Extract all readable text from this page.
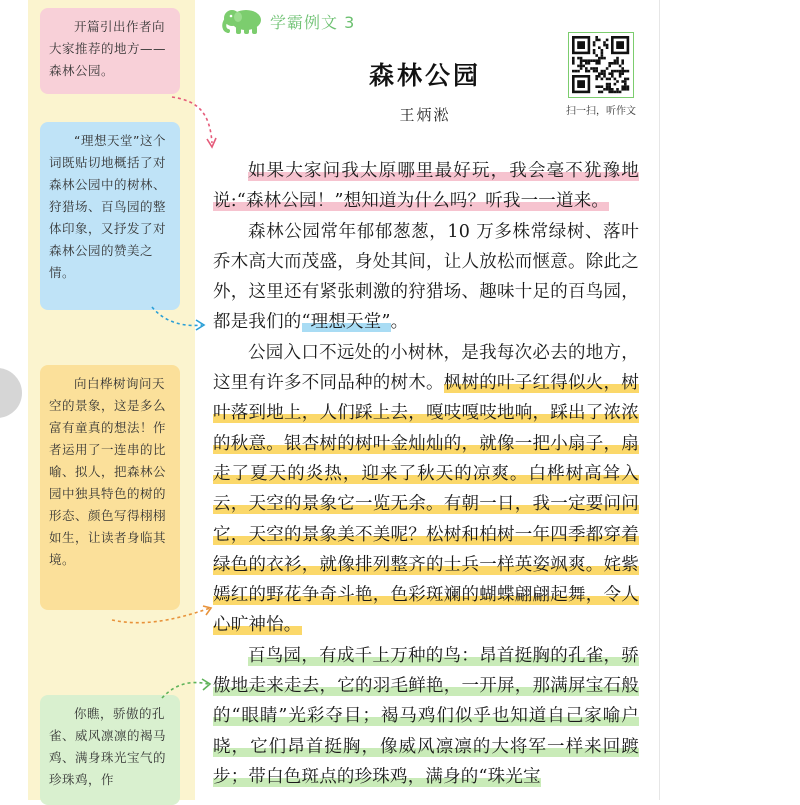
开篇引出作者向大家推荐的地方——森林公园。
“理想天堂”这个词既贴切地概括了对森林公园中的树林、狩猎场、百鸟园的整体印象，又抒发了对森林公园的赞美之情。
向白桦树询问天空的景象，这是多么富有童真的想法！作者运用了一连串的比喻、拟人，把森林公园中独具特色的树的形态、颜色写得栩栩如生，让读者身临其境。
你瞧，骄傲的孔雀、威风凛凛的褐马鸡、满身珠光宝气的珍珠鸡，作
学霸例文 3
森林公园
王炳淞	扫一扫，听作文

如果大家问我太原哪里最好玩，我会毫不犹豫地说:“森林公园！”想知道为什么吗？听我一一道来。

森林公园常年郁郁葱葱，10 万多株常绿树、落叶乔木高大而茂盛，身处其间，让人放松而惬意。除此之外，这里还有紧张刺激的狩猎场、趣味十足的百鸟园，都是我们的“理想天堂”。

公园入口不远处的小树林，是我每次必去的地方，这里有许多不同品种的树木。枫树的叶子红得似火，树叶落到地上，人们踩上去，嘎吱嘎吱地响，踩出了浓浓的秋意。银杏树的树叶金灿灿的，就像一把小扇子，扇走了夏天的炎热，迎来了秋天的凉爽。白桦树高耸入云，天空的景象它一览无余。有朝一日，我一定要问问它，天空的景象美不美呢？松树和柏树一年四季都穿着绿色的衣衫，就像排列整齐的士兵一样英姿飒爽。姹紫嫣红的野花争奇斗艳，色彩斑斓的蝴蝶翩翩起舞，令人心旷神怡。

百鸟园，有成千上万种的鸟：昂首挺胸的孔雀，骄傲地走来走去，它的羽毛鲜艳，一开屏，那满屏宝石般的“眼睛”光彩夺目；褐马鸡们似乎也知道自己家喻户晓，它们昂首挺胸，像威风凛凛的大将军一样来回踱步；带白色斑点的珍珠鸡，满身的“珠光宝
